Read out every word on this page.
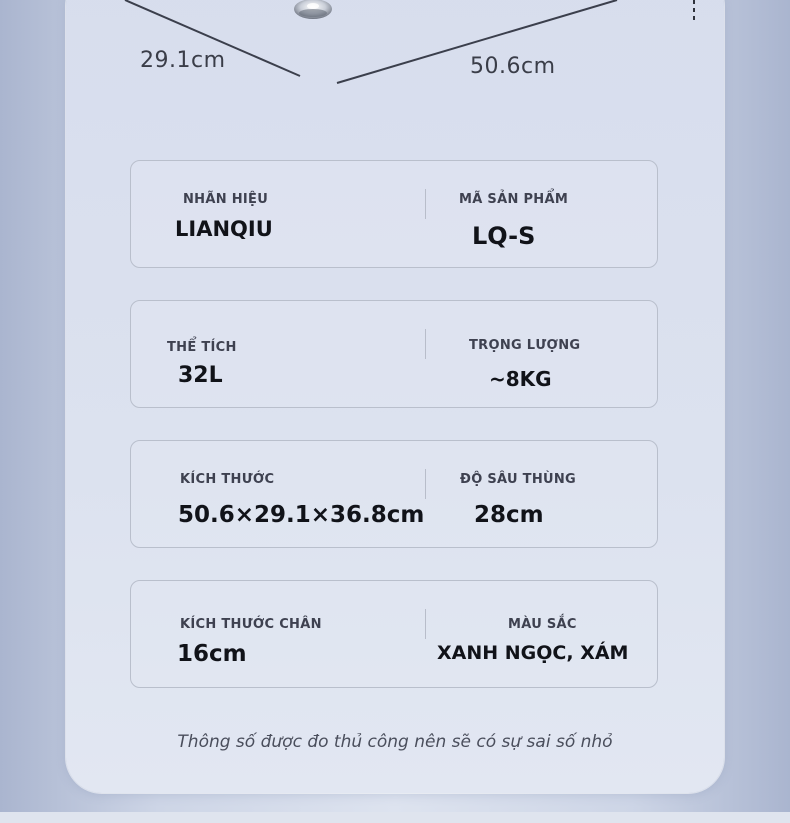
29.1cm	50.6cm
NHÃN HIỆU
LIANQIU
MÃ SẢN PHẨM
LQ-S
THỂ TÍCH
32L
TRỌNG LƯỢNG
~8KG
KÍCH THƯỚC
50.6×29.1×36.8cm
ĐỘ SÂU THÙNG
28cm
KÍCH THƯỚC CHÂN
16cm
MÀU SẮC
XANH NGỌC, XÁM
Thông số được đo thủ công nên sẽ có sự sai số nhỏ
